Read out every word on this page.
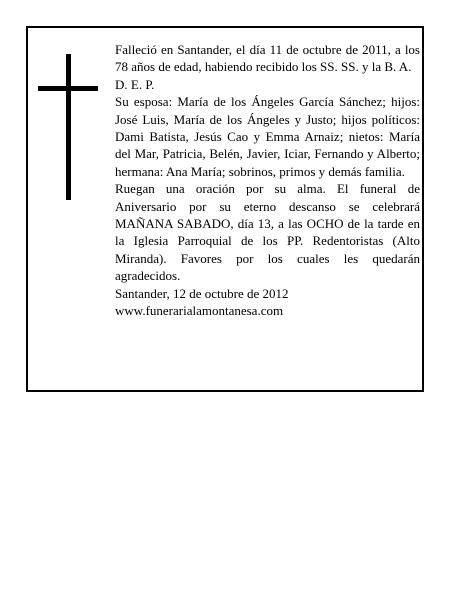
Falleció en Santander, el día 11 de octubre de 2011, a los 78 años de edad, habiendo recibido los SS. SS. y la B. A.

D. E. P.

Su esposa: María de los Ángeles García Sánchez; hijos: José Luis, María de los Ángeles y Justo; hijos políticos: Dami Batista, Jesús Cao y Emma Arnaiz; nietos: María del Mar, Patricia, Belén, Javier, Iciar, Fernando y Alberto; hermana: Ana María; sobrinos, primos y demás familia.

Ruegan una oración por su alma. El funeral de Aniversario por su eterno descanso se celebrará MAÑANA SABADO, día 13, a las OCHO de la tarde en la Iglesia Parroquial de los PP. Redentoristas (Alto Miranda). Favores por los cuales les quedarán agradecidos.

Santander, 12 de octubre de 2012

www.funerarialamontanesa.com
